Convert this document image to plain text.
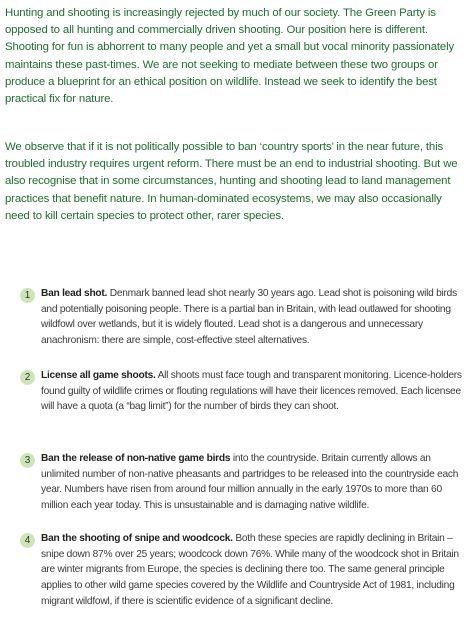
Hunting and shooting is increasingly rejected by much of our society. The Green Party is opposed to all hunting and commercially driven shooting. Our position here is different. Shooting for fun is abhorrent to many people and yet a small but vocal minority passionately maintains these past-times. We are not seeking to mediate between these two groups or produce a blueprint for an ethical position on wildlife. Instead we seek to identify the best practical fix for nature.

We observe that if it is not politically possible to ban ‘country sports’ in the near future, this troubled industry requires urgent reform. There must be an end to industrial shooting. But we also recognise that in some circumstances, hunting and shooting lead to land management practices that benefit nature. In human-dominated ecosystems, we may also occasionally need to kill certain species to protect other, rarer species.

1	Ban lead shot. Denmark banned lead shot nearly 30 years ago. Lead shot is poisoning wild birds and potentially poisoning people. There is a partial ban in Britain, with lead outlawed for shooting wildfowl over wetlands, but it is widely flouted. Lead shot is a dangerous and unnecessary anachronism: there are simple, cost-effective steel alternatives.

2	License all game shoots. All shoots must face tough and transparent monitoring. Licence-holders found guilty of wildlife crimes or flouting regulations will have their licences removed. Each licensee will have a quota (a “bag limit”) for the number of birds they can shoot.

3	Ban the release of non-native game birds into the countryside. Britain currently allows an unlimited number of non-native pheasants and partridges to be released into the countryside each year. Numbers have risen from around four million annually in the early 1970s to more than 60 million each year today. This is unsustainable and is damaging native wildlife.

4	Ban the shooting of snipe and woodcock. Both these species are rapidly declining in Britain – snipe down 87% over 25 years; woodcock down 76%. While many of the woodcock shot in Britain are winter migrants from Europe, the species is declining there too. The same general principle applies to other wild game species covered by the Wildlife and Countryside Act of 1981, including migrant wildfowl, if there is scientific evidence of a significant decline.
